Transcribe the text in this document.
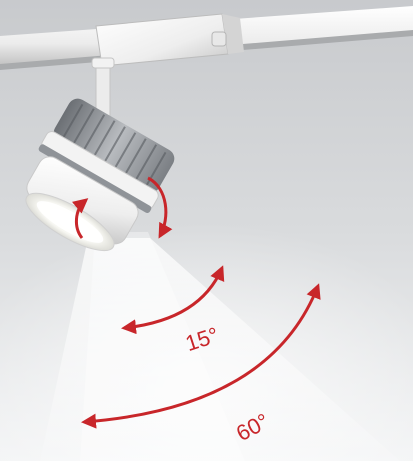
15°
60°
